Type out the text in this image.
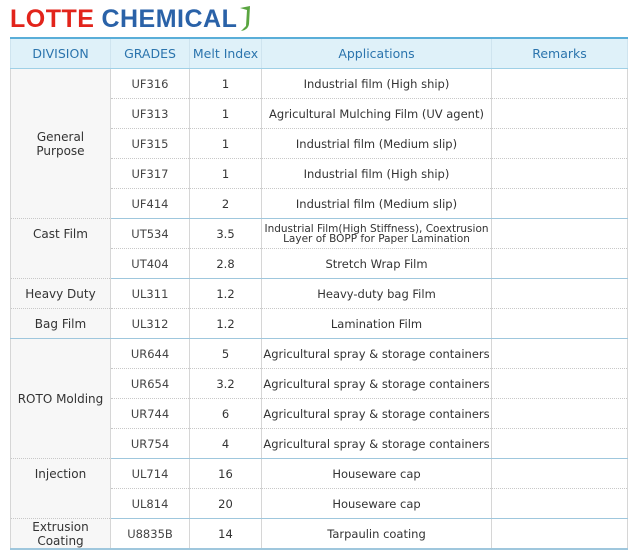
LOTTE CHEMICAL
DIVISION	GRADES	Melt Index	Applications	Remarks
General Purpose	UF316	1	Industrial film (High ship)	
	UF313	1	Agricultural Mulching Film (UV agent)	
	UF315	1	Industrial film (Medium slip)	
	UF317	1	Industrial film (High ship)	
	UF414	2	Industrial film (Medium slip)	
Cast Film	UT534	3.5	Industrial Film(High Stiffness), Coextrusion
Layer of BOPP for Paper Lamination	

	UT404	2.8	Stretch Wrap Film	
Heavy Duty	UL311	1.2	Heavy-duty bag Film	
Bag Film	UL312	1.2	Lamination Film	
ROTO Molding	UR644	5	Agricultural spray & storage containers	
	UR654	3.2	Agricultural spray & storage containers	
	UR744	6	Agricultural spray & storage containers	
	UR754	4	Agricultural spray & storage containers	
Injection	UL714	16	Houseware cap	
	UL814	20	Houseware cap	
Extrusion Coating	U8835B	14	Tarpaulin coating	
